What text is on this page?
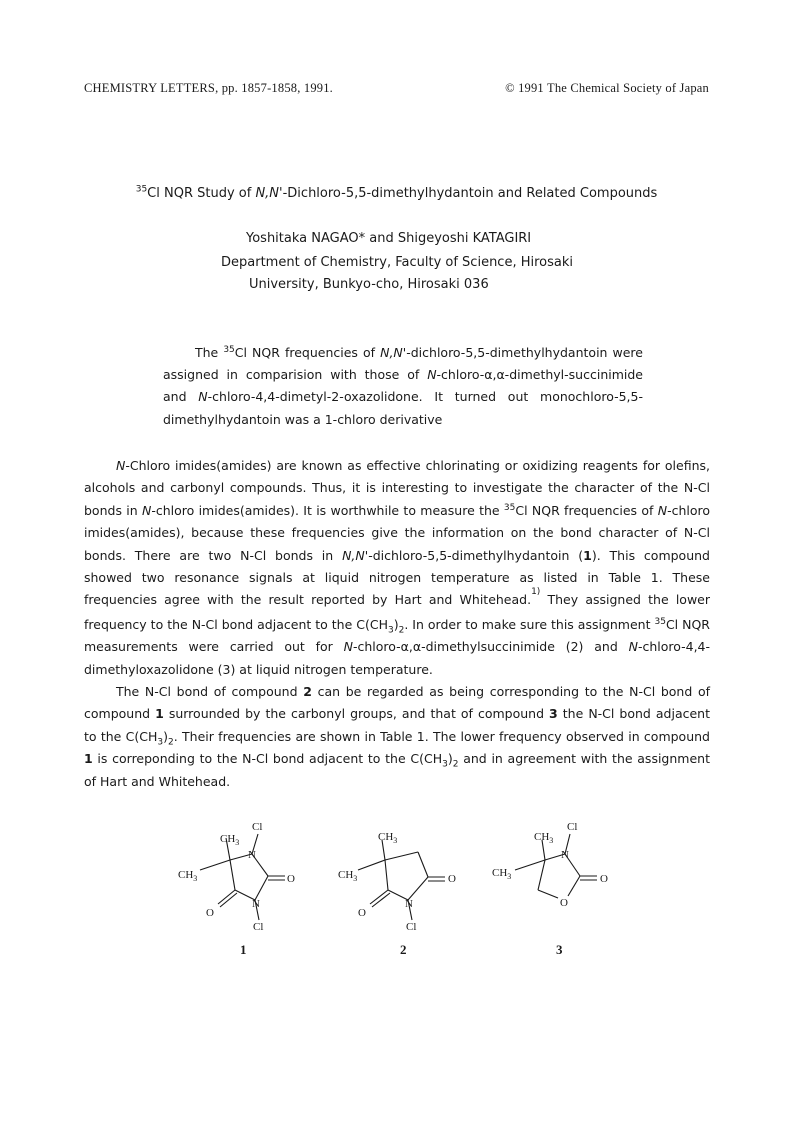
CHEMISTRY LETTERS, pp. 1857-1858, 1991.	© 1991 The Chemical Society of Japan
$^{35}$Cl NQR Study of N,N'-Dichloro-5,5-dimethylhydantoin and Related Compounds
Yoshitaka NAGAO* and Shigeyoshi KATAGIRI
Department of Chemistry, Faculty of Science, Hirosaki
University, Bunkyo-cho, Hirosaki 036

The $^{35}$Cl NQR frequencies of N,N'-dichloro-5,5-dimethylhydantoin were assigned in comparision with those of N-chloro-α,α-dimethyl-succinimide and N-chloro-4,4-dimetyl-2-oxazolidone. It turned out monochloro-5,5-dimethylhydantoin was a 1-chloro derivative

N-Chloro imides(amides) are known as effective chlorinating or oxidizing reagents for olefins, alcohols and carbonyl compounds. Thus, it is interesting to investigate the character of the N-Cl bonds in N-chloro imides(amides). It is worthwhile to measure the $^{35}$Cl NQR frequencies of N-chloro imides(amides), because these frequencies give the information on the bond character of N-Cl bonds. There are two N-Cl bonds in N,N'-dichloro-5,5-dimethylhydantoin (1). This compound showed two resonance signals at liquid nitrogen temperature as listed in Table 1. These frequencies agree with the result reported by Hart and Whitehead.$^{1)}$ They assigned the lower frequency to the N-Cl bond adjacent to the $C(CH_3)_2$. In order to make sure this assignment $^{35}$Cl NQR measurements were carried out for N-chloro-α,α-dimethylsuccinimide (2) and N-chloro-4,4-dimethyloxazolidone (3) at liquid nitrogen temperature.

The N-Cl bond of compound 2 can be regarded as being corresponding to the N-Cl bond of compound 1 surrounded by the carbonyl groups, and that of compound 3 the N-Cl bond adjacent to the $C(CH_3)_2$. Their frequencies are shown in Table 1. The lower frequency observed in compound 1 is correponding to the N-Cl bond adjacent to the $C(CH_3)_2$ and in agreement with the assignment of Hart and Whitehead.

$CH_3$
Cl
N
$CH_3$	O
N
O
Cl
1
$CH_3$
$CH_3$	O
N
O
Cl
2
$CH_3$
Cl
N
$CH_3$	O
O
3
